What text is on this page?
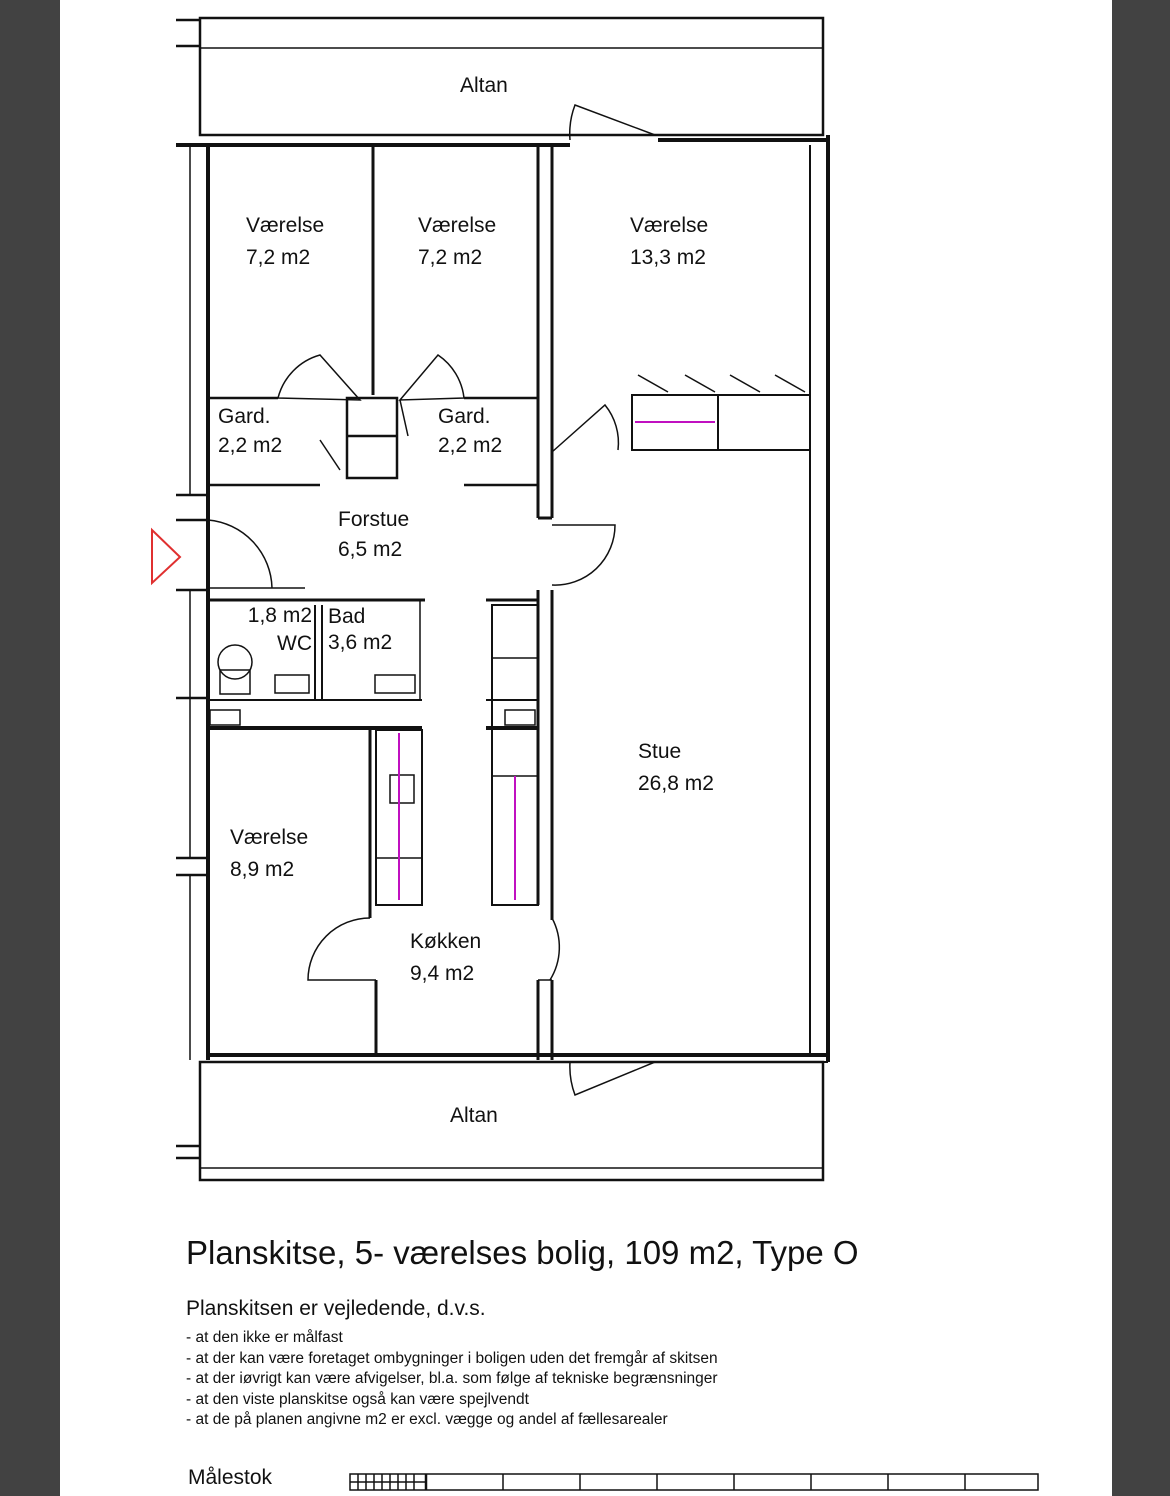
Altan
Værelse
7,2 m2
Værelse
7,2 m2
Værelse
13,3 m2
Gard.
2,2 m2
Gard.
2,2 m2
Forstue
6,5 m2
1,8 m2
WC
Bad
3,6 m2
Stue
26,8 m2
Værelse
8,9 m2
Køkken
9,4 m2
Altan
Planskitse, 5- værelses bolig, 109 m2, Type O
Planskitsen er vejledende, d.v.s.
- at den ikke er målfast
- at der kan være foretaget ombygninger i boligen uden det fremgår af skitsen
- at der iøvrigt kan være afvigelser, bl.a. som følge af tekniske begrænsninger
- at den viste planskitse også kan være spejlvendt
- at de på planen angivne m2 er excl. vægge og andel af fællesarealer
Målestok
